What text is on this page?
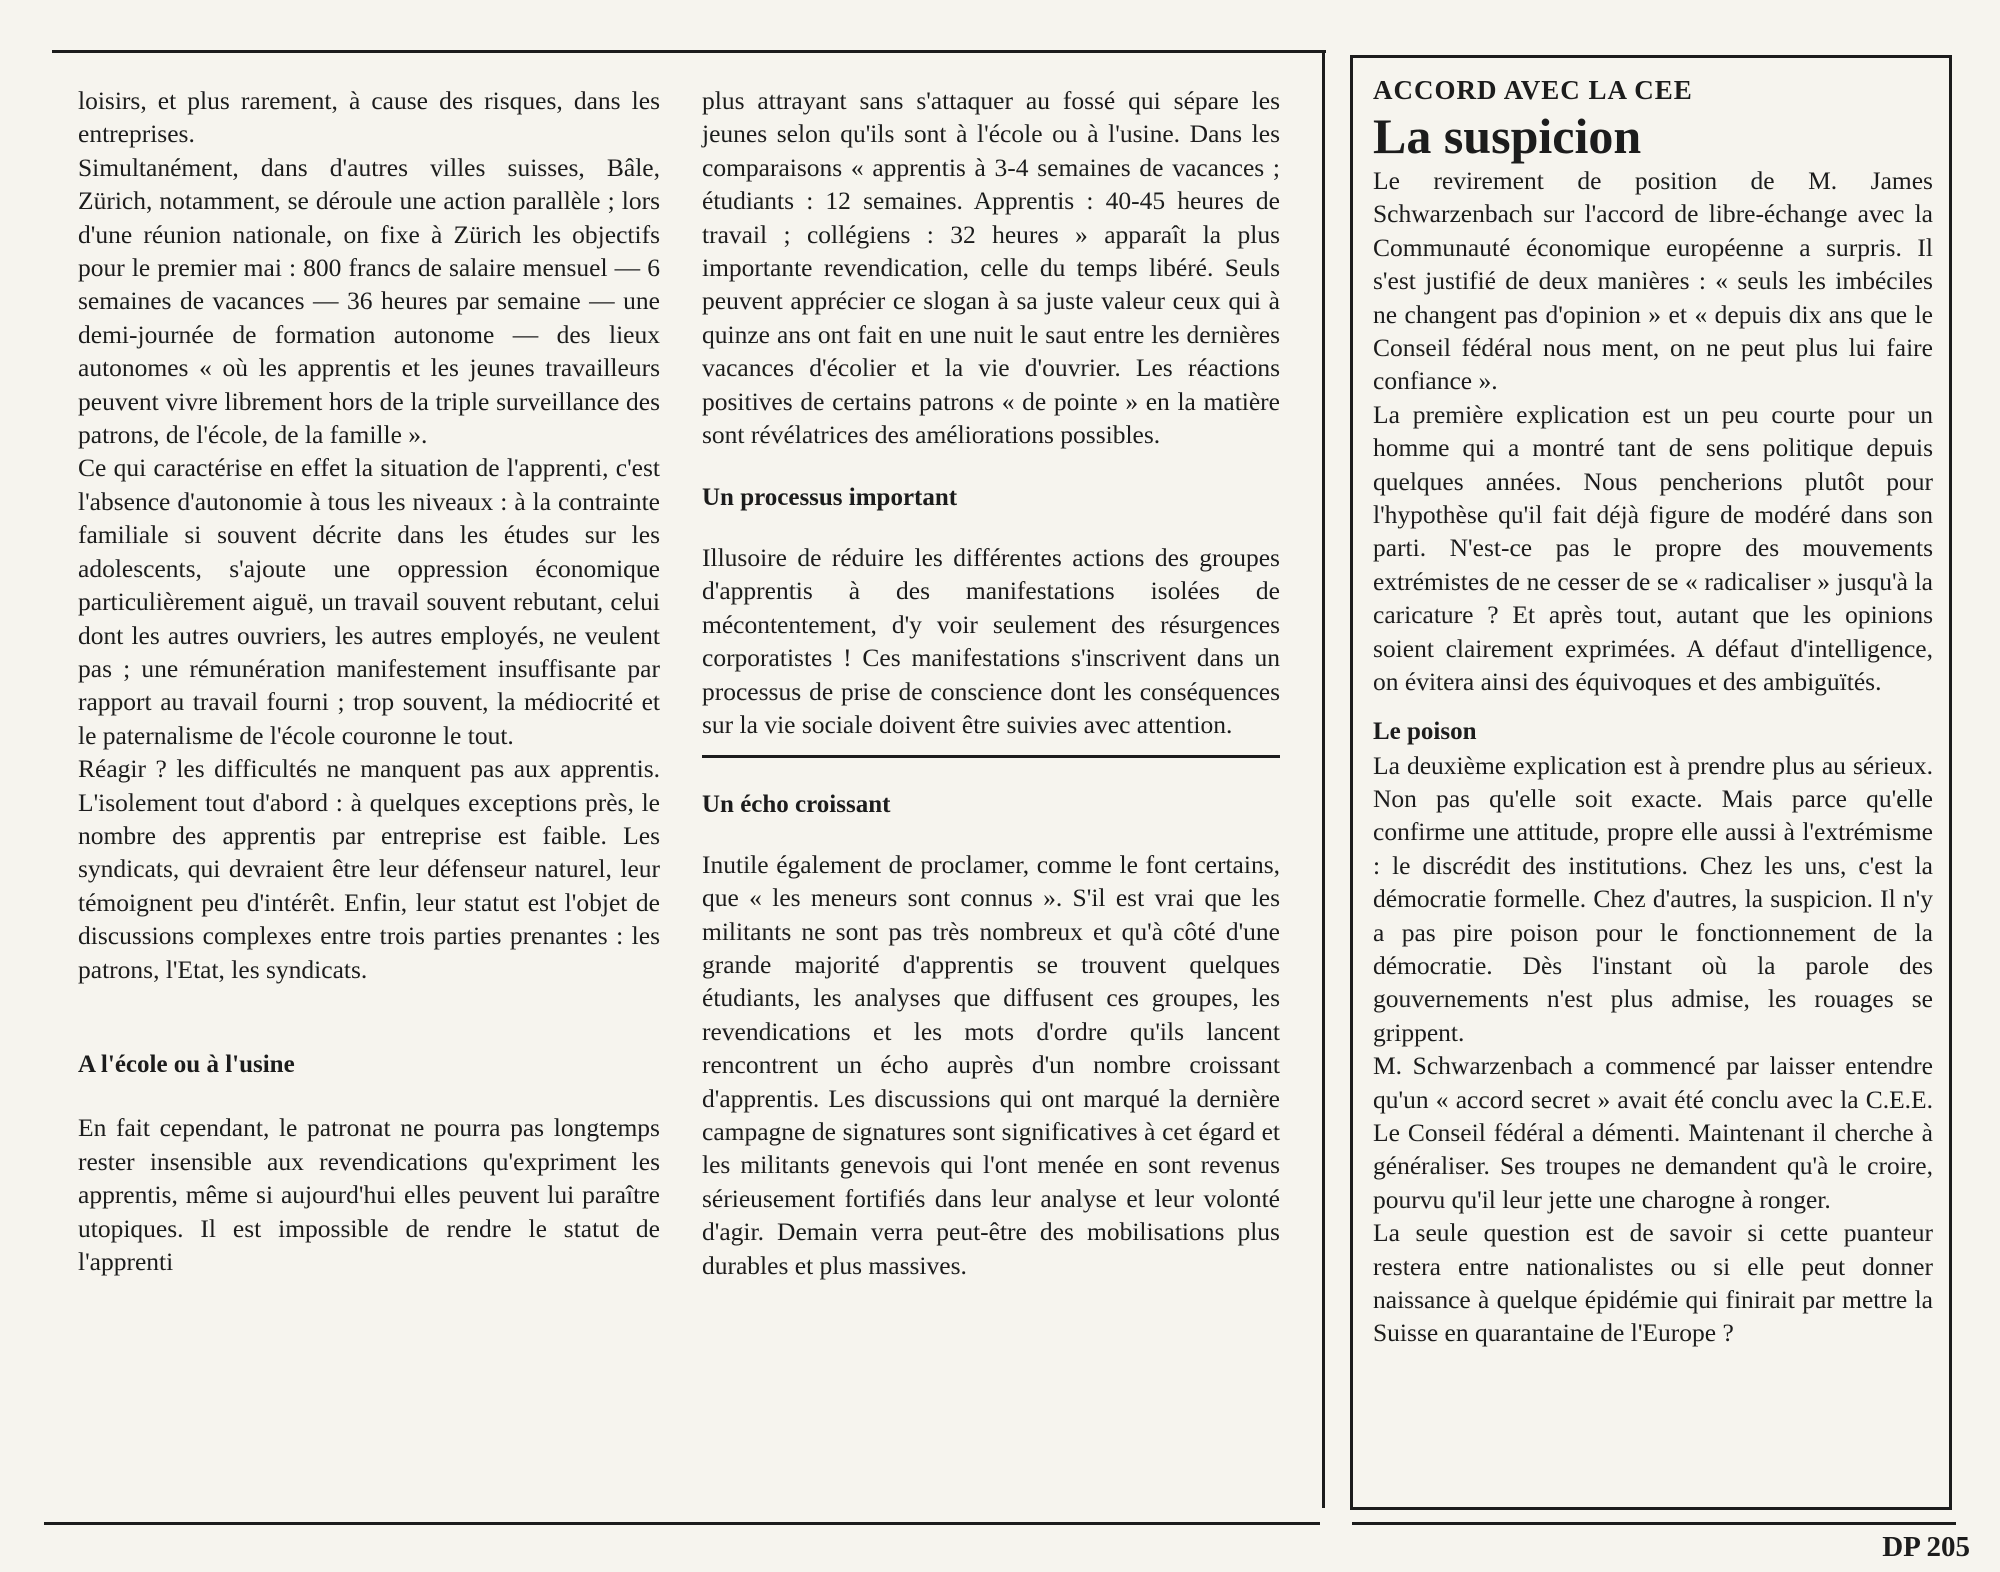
loisirs, et plus rarement, à cause des risques, dans les entreprises.

Simultanément, dans d'autres villes suisses, Bâle, Zürich, notamment, se déroule une action parallèle ; lors d'une réunion nationale, on fixe à Zürich les objectifs pour le premier mai : 800 francs de salaire mensuel — 6 semaines de vacances — 36 heures par semaine — une demi-journée de formation autonome — des lieux autonomes « où les apprentis et les jeunes travailleurs peuvent vivre librement hors de la triple surveillance des patrons, de l'école, de la famille ».

Ce qui caractérise en effet la situation de l'apprenti, c'est l'absence d'autonomie à tous les niveaux : à la contrainte familiale si souvent décrite dans les études sur les adolescents, s'ajoute une oppression économique particulièrement aiguë, un travail souvent rebutant, celui dont les autres ouvriers, les autres employés, ne veulent pas ; une rémunération manifestement insuffisante par rapport au travail fourni ; trop souvent, la médiocrité et le paternalisme de l'école couronne le tout.

Réagir ? les difficultés ne manquent pas aux apprentis. L'isolement tout d'abord : à quelques exceptions près, le nombre des apprentis par entreprise est faible. Les syndicats, qui devraient être leur défenseur naturel, leur témoignent peu d'intérêt. Enfin, leur statut est l'objet de discussions complexes entre trois parties prenantes : les patrons, l'Etat, les syndicats.

A l'école ou à l'usine

En fait cependant, le patronat ne pourra pas longtemps rester insensible aux revendications qu'expriment les apprentis, même si aujourd'hui elles peuvent lui paraître utopiques. Il est impossible de rendre le statut de l'apprenti

plus attrayant sans s'attaquer au fossé qui sépare les jeunes selon qu'ils sont à l'école ou à l'usine. Dans les comparaisons « apprentis à 3-4 semaines de vacances ; étudiants : 12 semaines. Apprentis : 40-45 heures de travail ; collégiens : 32 heures » apparaît la plus importante revendication, celle du temps libéré. Seuls peuvent apprécier ce slogan à sa juste valeur ceux qui à quinze ans ont fait en une nuit le saut entre les dernières vacances d'écolier et la vie d'ouvrier. Les réactions positives de certains patrons « de pointe » en la matière sont révélatrices des améliorations possibles.

Un processus important

Illusoire de réduire les différentes actions des groupes d'apprentis à des manifestations isolées de mécontentement, d'y voir seulement des résurgences corporatistes ! Ces manifestations s'inscrivent dans un processus de prise de conscience dont les conséquences sur la vie sociale doivent être suivies avec attention.

Un écho croissant

Inutile également de proclamer, comme le font certains, que « les meneurs sont connus ». S'il est vrai que les militants ne sont pas très nombreux et qu'à côté d'une grande majorité d'apprentis se trouvent quelques étudiants, les analyses que diffusent ces groupes, les revendications et les mots d'ordre qu'ils lancent rencontrent un écho auprès d'un nombre croissant d'apprentis. Les discussions qui ont marqué la dernière campagne de signatures sont significatives à cet égard et les militants genevois qui l'ont menée en sont revenus sérieusement fortifiés dans leur analyse et leur volonté d'agir. Demain verra peut-être des mobilisations plus durables et plus massives.

ACCORD AVEC LA CEE

La suspicion

Le revirement de position de M. James Schwarzenbach sur l'accord de libre-échange avec la Communauté économique européenne a surpris. Il s'est justifié de deux manières : « seuls les imbéciles ne changent pas d'opinion » et « depuis dix ans que le Conseil fédéral nous ment, on ne peut plus lui faire confiance ».

La première explication est un peu courte pour un homme qui a montré tant de sens politique depuis quelques années. Nous pencherions plutôt pour l'hypothèse qu'il fait déjà figure de modéré dans son parti. N'est-ce pas le propre des mouvements extrémistes de ne cesser de se « radicaliser » jusqu'à la caricature ? Et après tout, autant que les opinions soient clairement exprimées. A défaut d'intelligence, on évitera ainsi des équivoques et des ambiguïtés.

Le poison

La deuxième explication est à prendre plus au sérieux. Non pas qu'elle soit exacte. Mais parce qu'elle confirme une attitude, propre elle aussi à l'extrémisme : le discrédit des institutions. Chez les uns, c'est la démocratie formelle. Chez d'autres, la suspicion. Il n'y a pas pire poison pour le fonctionnement de la démocratie. Dès l'instant où la parole des gouvernements n'est plus admise, les rouages se grippent.

M. Schwarzenbach a commencé par laisser entendre qu'un « accord secret » avait été conclu avec la C.E.E. Le Conseil fédéral a démenti. Maintenant il cherche à généraliser. Ses troupes ne demandent qu'à le croire, pourvu qu'il leur jette une charogne à ronger.

La seule question est de savoir si cette puanteur restera entre nationalistes ou si elle peut donner naissance à quelque épidémie qui finirait par mettre la Suisse en quarantaine de l'Europe ?

DP 205
